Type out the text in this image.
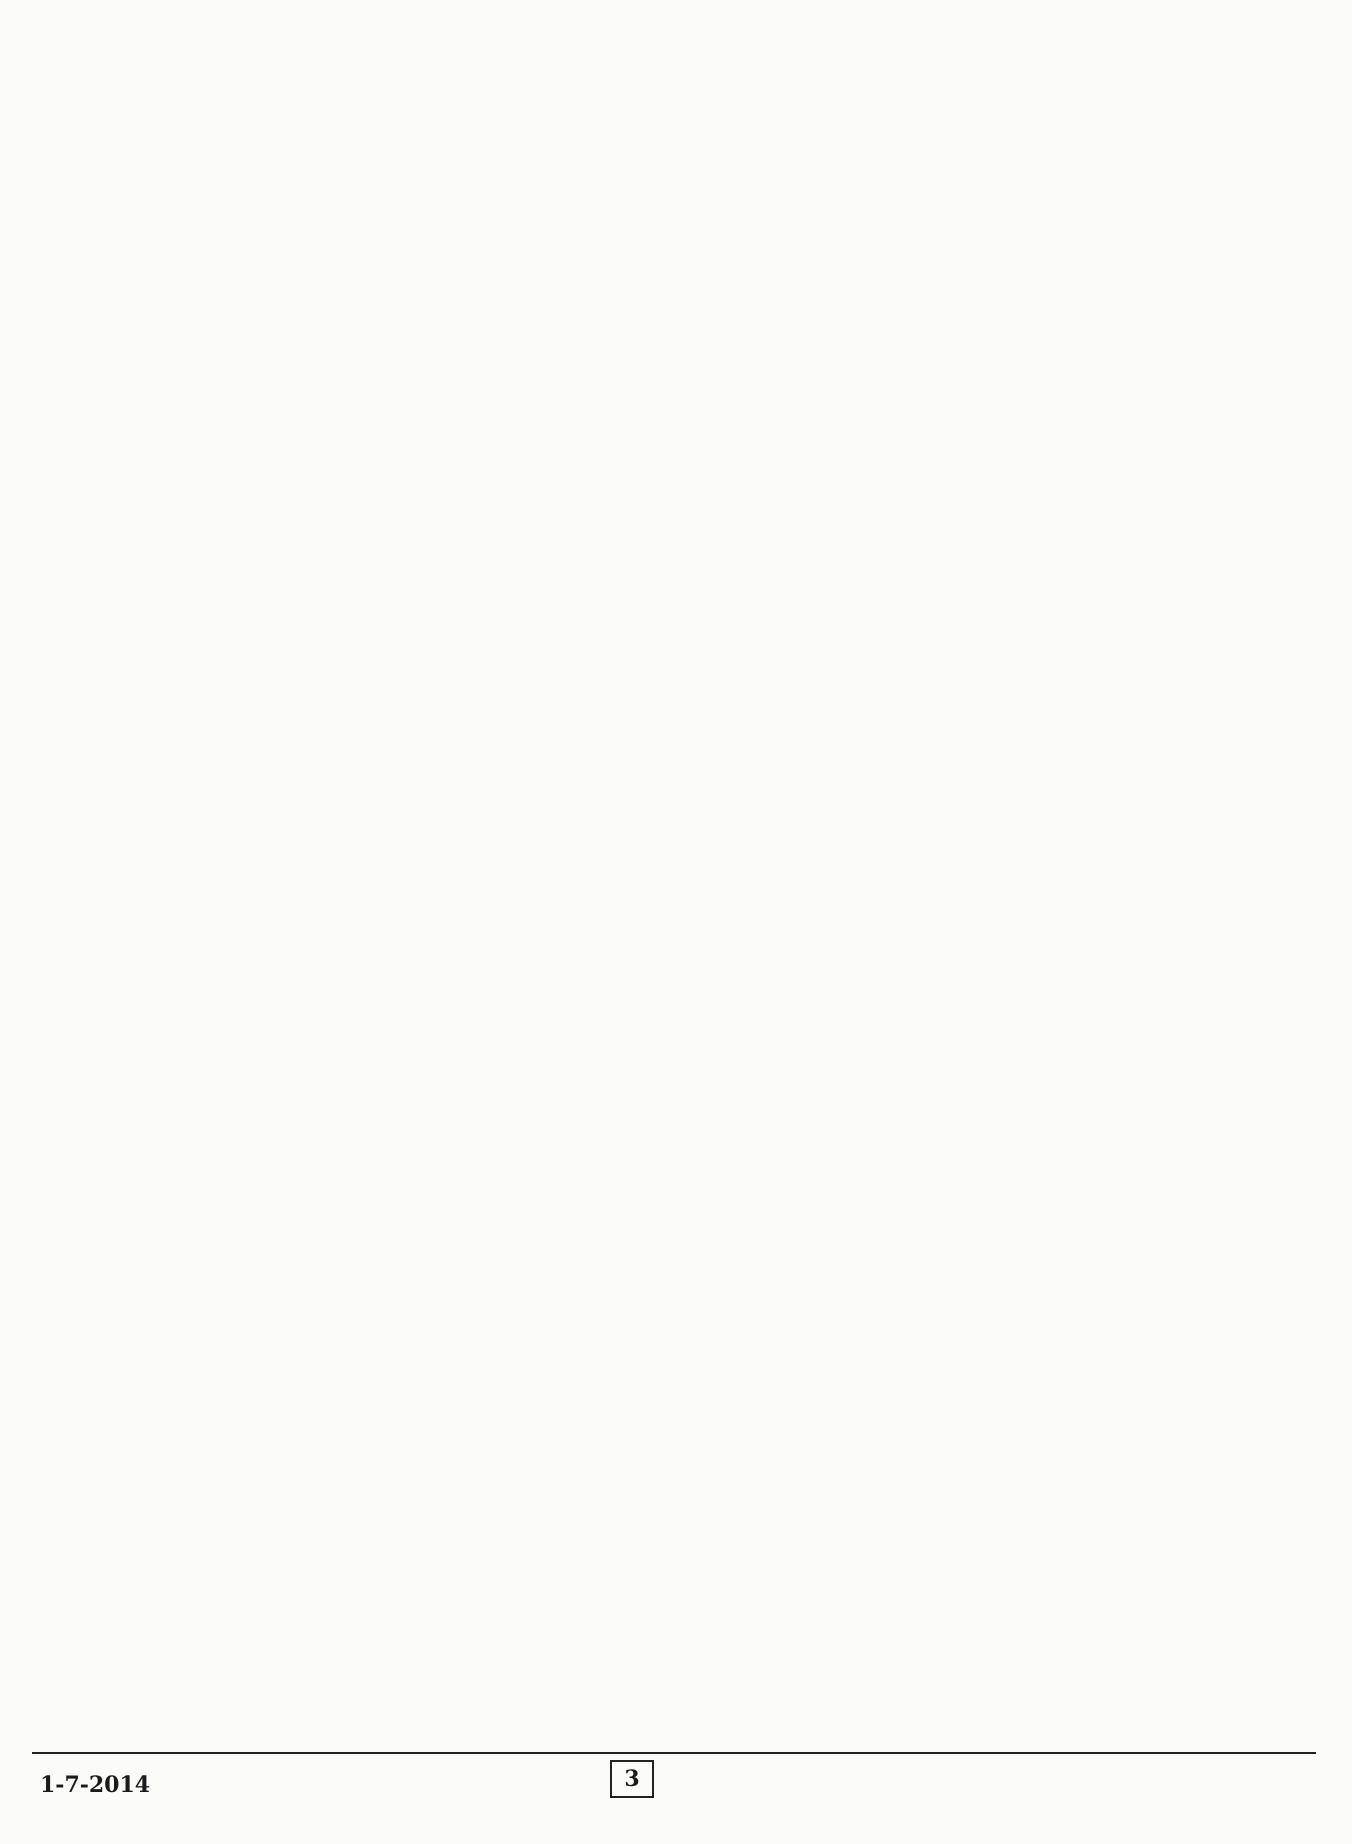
1-7-2014	3
